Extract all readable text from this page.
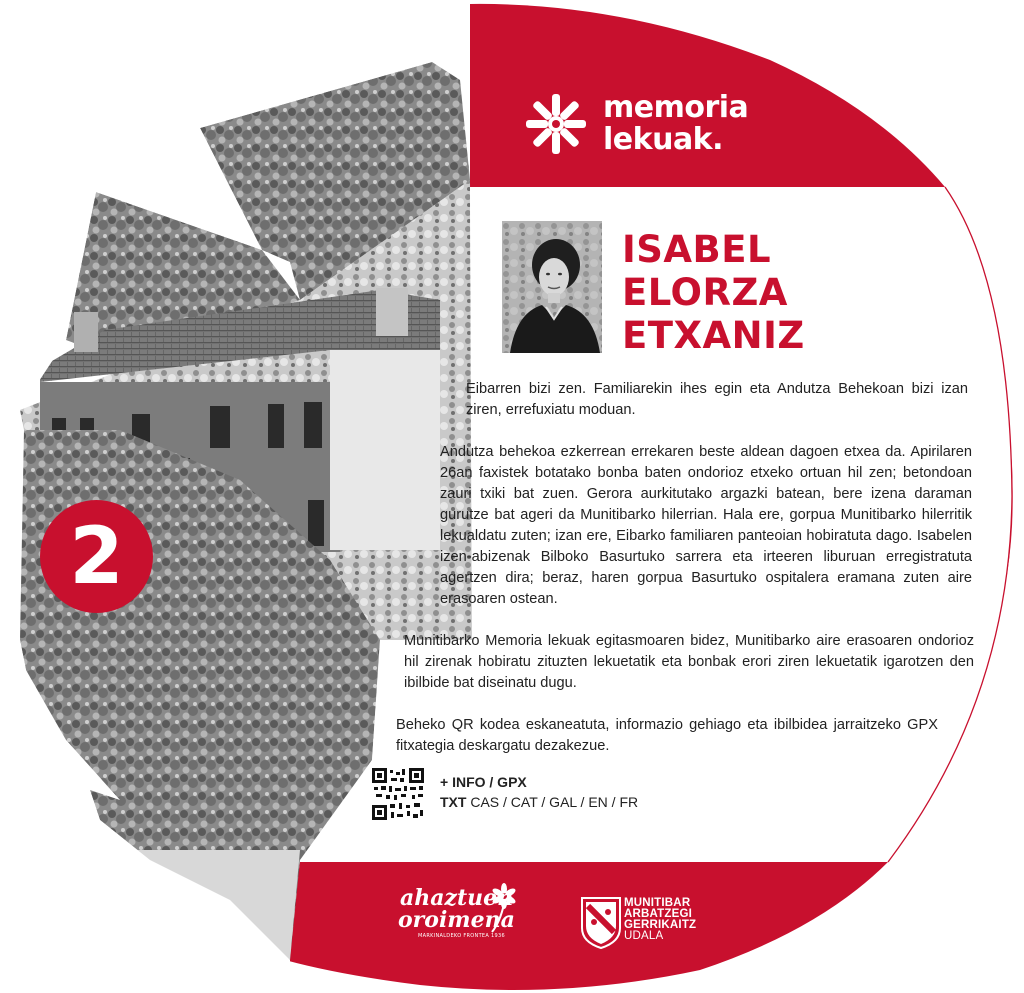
2
memoria
lekuak.
ISABEL
ELORZA
ETXANIZ

Eibarren bizi zen. Familiarekin ihes egin eta Andutza Behekoan bizi izan ziren, errefuxiatu moduan.

Andutza behekoa ezkerrean errekaren beste aldean dagoen etxea da. Apirilaren 26an faxistek botatako bonba baten ondorioz etxeko ortuan hil zen; betondoan zauri txiki bat zuen. Gerora aurkitutako argazki batean, bere izena daraman gurutze bat ageri da Munitibarko hilerrian. Hala ere, gorpua Munitibarko hilerritik lekualdatu zuten; izan ere, Eibarko familiaren panteoian hobiratuta dago. Isabelen izen-abizenak Bilboko Basurtuko sarrera eta irteeren liburuan erregistratuta agertzen dira; beraz, haren gorpua Basurtuko ospitalera eramana zuten aire erasoaren ostean.

Munitibarko Memoria lekuak egitasmoaren bidez, Munitibarko aire erasoaren ondorioz hil zirenak hobiratu zituzten lekuetatik eta bonbak erori ziren lekuetatik igarotzen den ibilbide bat diseinatu dugu.

Beheko QR kodea eskaneatuta, informazio gehiago eta ibilbidea jarraitzeko GPX fitxategia deskargatu dezakezue.

+ INFO / GPX
TXT CAS / CAT / GAL / EN / FR
ahaztuen
oroimena
MARKINALDEKO FRONTEA 1936
MUNITIBAR
ARBATZEGI
GERRIKAITZ
UDALA
